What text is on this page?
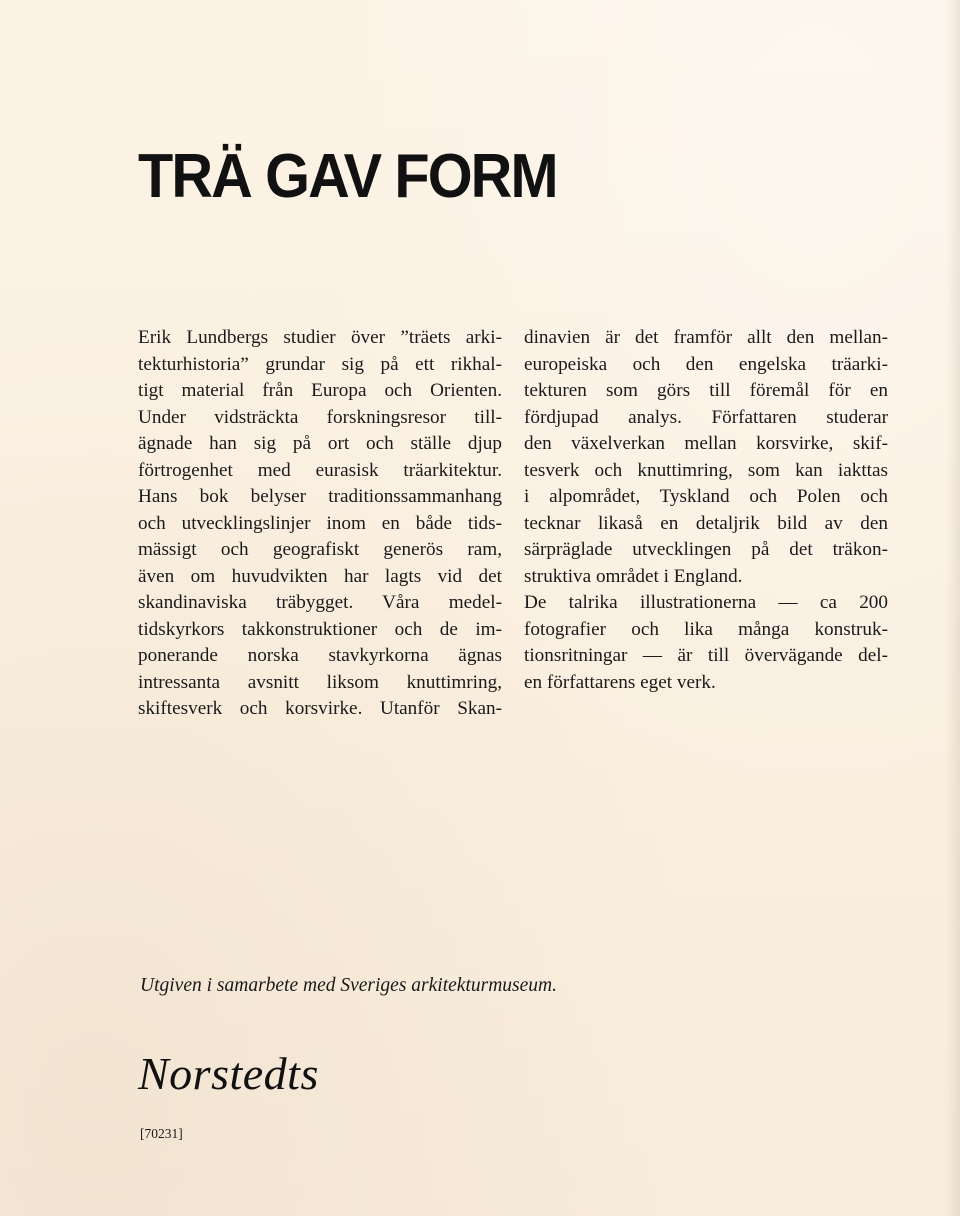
TRÄ GAV FORM
Erik Lundbergs studier över ”träets arki-
tekturhistoria” grundar sig på ett rikhal-
tigt material från Europa och Orienten.
Under vidsträckta forskningsresor till-
ägnade han sig på ort och ställe djup
förtrogenhet med eurasisk träarkitektur.
Hans bok belyser traditionssammanhang
och utvecklingslinjer inom en både tids-
mässigt och geografiskt generös ram,
även om huvudvikten har lagts vid det
skandinaviska träbygget. Våra medel-
tidskyrkors takkonstruktioner och de im-
ponerande norska stavkyrkorna ägnas
intressanta avsnitt liksom knuttimring,
skiftesverk och korsvirke. Utanför Skan-
dinavien är det framför allt den mellan-
europeiska och den engelska träarki-
tekturen som görs till föremål för en
fördjupad analys. Författaren studerar
den växelverkan mellan korsvirke, skif-
tesverk och knuttimring, som kan iakttas
i alpområdet, Tyskland och Polen och
tecknar likaså en detaljrik bild av den
särpräglade utvecklingen på det träkon-
struktiva området i England.
De talrika illustrationerna — ca 200
fotografier och lika många konstruk-
tionsritningar — är till övervägande del-
en författarens eget verk.

Utgiven i samarbete med Sveriges arkitekturmuseum.

Norstedts

[70231]
